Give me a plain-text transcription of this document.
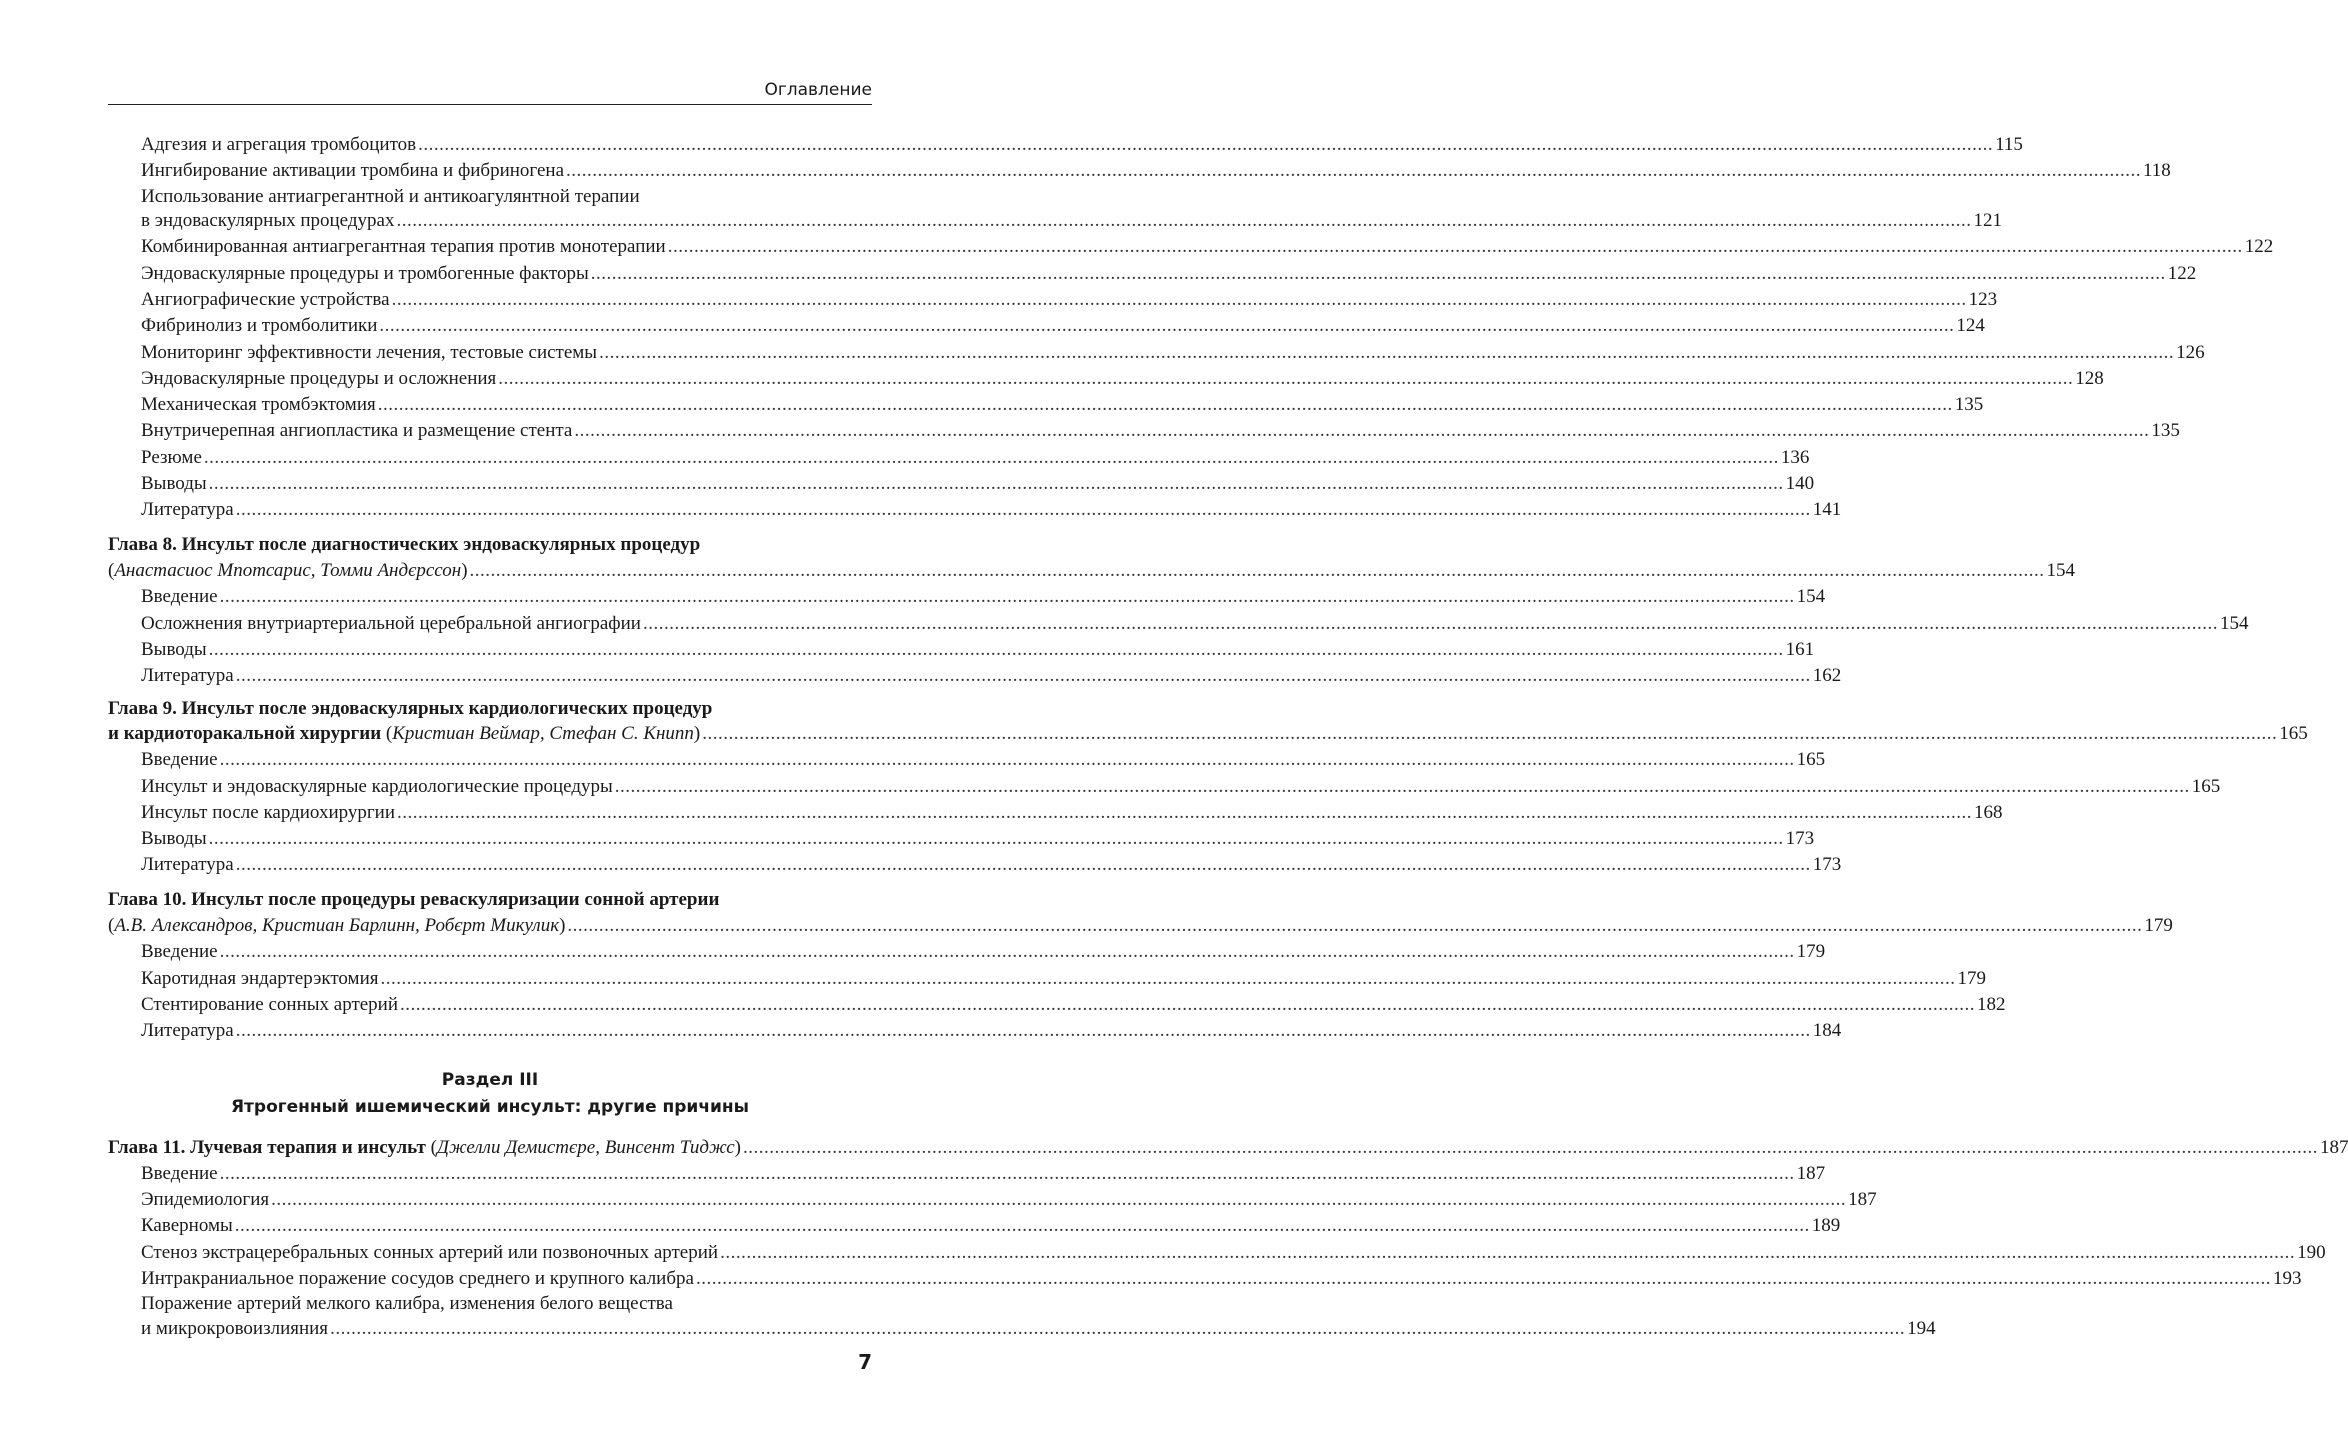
Оглавление
Адгезия и агрегация тромбоцитов ............................................................................................................................................................................................................................................................................................................ 115
Ингибирование активации тромбина и фибриногена ............................................................................................................................................................................................................................................................................................................ 118
Использование антиагрегантной и антикоагулянтной терапии
в эндоваскулярных процедурах ............................................................................................................................................................................................................................................................................................................ 121
Комбинированная антиагрегантная терапия против монотерапии ............................................................................................................................................................................................................................................................................................................ 122
Эндоваскулярные процедуры и тромбогенные факторы ............................................................................................................................................................................................................................................................................................................ 122
Ангиографические устройства ............................................................................................................................................................................................................................................................................................................ 123
Фибринолиз и тромболитики ............................................................................................................................................................................................................................................................................................................ 124
Мониторинг эффективности лечения, тестовые системы ............................................................................................................................................................................................................................................................................................................ 126
Эндоваскулярные процедуры и осложнения ............................................................................................................................................................................................................................................................................................................ 128
Механическая тромбэктомия ............................................................................................................................................................................................................................................................................................................ 135
Внутричерепная ангиопластика и размещение стента ............................................................................................................................................................................................................................................................................................................ 135
Резюме ............................................................................................................................................................................................................................................................................................................ 136
Выводы ............................................................................................................................................................................................................................................................................................................ 140
Литература ............................................................................................................................................................................................................................................................................................................ 141
Глава 8. Инсульт после диагностических эндоваскулярных процедур
(Анастасиос Мпотсарис, Томми Андєрссон) ............................................................................................................................................................................................................................................................................................................ 154
Введение ............................................................................................................................................................................................................................................................................................................ 154
Осложнения внутриартериальной церебральной ангиографии ............................................................................................................................................................................................................................................................................................................ 154
Выводы ............................................................................................................................................................................................................................................................................................................ 161
Литература ............................................................................................................................................................................................................................................................................................................ 162
Глава 9. Инсульт после эндоваскулярных кардиологических процедур
и кардиоторакальной хирургии (Кристиан Веймар, Стефан С. Книпп) ............................................................................................................................................................................................................................................................................................................ 165
Введение ............................................................................................................................................................................................................................................................................................................ 165
Инсульт и эндоваскулярные кардиологические процедуры ............................................................................................................................................................................................................................................................................................................ 165
Инсульт после кардиохирургии ............................................................................................................................................................................................................................................................................................................ 168
Выводы ............................................................................................................................................................................................................................................................................................................ 173
Литература ............................................................................................................................................................................................................................................................................................................ 173
Глава 10. Инсульт после процедуры реваскуляризации сонной артерии
(А.В. Александров, Кристиан Барлинн, Робєрт Микулик) ............................................................................................................................................................................................................................................................................................................ 179
Введение ............................................................................................................................................................................................................................................................................................................ 179
Каротидная эндартерэктомия ............................................................................................................................................................................................................................................................................................................ 179
Стентирование сонных артерий ............................................................................................................................................................................................................................................................................................................ 182
Литература ............................................................................................................................................................................................................................................................................................................ 184
Раздел III
Ятрогенный ишемический инсульт: другие причины
Глава 11. Лучевая терапия и инсульт (Джелли Демистєре, Винсент Тиджс) ............................................................................................................................................................................................................................................................................................................ 187
Введение ............................................................................................................................................................................................................................................................................................................ 187
Эпидемиология ............................................................................................................................................................................................................................................................................................................ 187
Каверномы ............................................................................................................................................................................................................................................................................................................ 189
Стеноз экстрацеребральных сонных артерий или позвоночных артерий ............................................................................................................................................................................................................................................................................................................ 190
Интракраниальное поражение сосудов среднего и крупного калибра ............................................................................................................................................................................................................................................................................................................ 193
Поражение артерий мелкого калибра, изменения белого вещества
и микрокровоизлияния ............................................................................................................................................................................................................................................................................................................ 194
7
